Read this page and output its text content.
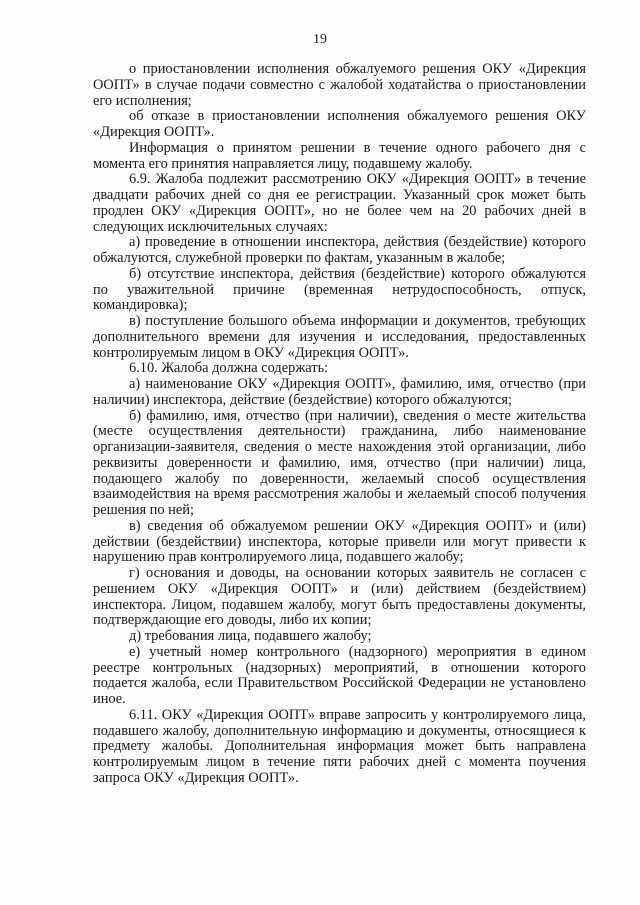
19

о приостановлении исполнения обжалуемого решения ОКУ «Дирекция ООПТ» в случае подачи совместно с жалобой ходатайства о приостановлении его исполнения;

об отказе в приостановлении исполнения обжалуемого решения ОКУ «Дирекция ООПТ».

Информация о принятом решении в течение одного рабочего дня с момента его принятия направляется лицу, подавшему жалобу.

6.9. Жалоба подлежит рассмотрению ОКУ «Дирекция ООПТ» в течение двадцати рабочих дней со дня ее регистрации. Указанный срок может быть продлен ОКУ «Дирекция ООПТ», но не более чем на 20 рабочих дней в следующих исключительных случаях:

а) проведение в отношении инспектора, действия (бездействие) которого обжалуются, служебной проверки по фактам, указанным в жалобе;

б) отсутствие инспектора, действия (бездействие) которого обжалуются по уважительной причине (временная нетрудоспособность, отпуск, командировка);

в) поступление большого объема информации и документов, требующих дополнительного времени для изучения и исследования, предоставленных контролируемым лицом в ОКУ «Дирекция ООПТ».

6.10. Жалоба должна содержать:

а) наименование ОКУ «Дирекция ООПТ», фамилию, имя, отчество (при наличии) инспектора, действие (бездействие) которого обжалуются;

б) фамилию, имя, отчество (при наличии), сведения о месте жительства (месте осуществления деятельности) гражданина, либо наименование организации-заявителя, сведения о месте нахождения этой организации, либо реквизиты доверенности и фамилию, имя, отчество (при наличии) лица, подающего жалобу по доверенности, желаемый способ осуществления взаимодействия на время рассмотрения жалобы и желаемый способ получения решения по ней;

в) сведения об обжалуемом решении ОКУ «Дирекция ООПТ» и (или) действии (бездействии) инспектора, которые привели или могут привести к нарушению прав контролируемого лица, подавшего жалобу;

г) основания и доводы, на основании которых заявитель не согласен с решением ОКУ «Дирекция ООПТ» и (или) действием (бездействием) инспектора. Лицом, подавшем жалобу, могут быть предоставлены документы, подтверждающие его доводы, либо их копии;

д) требования лица, подавшего жалобу;

е) учетный номер контрольного (надзорного) мероприятия в едином реестре контрольных (надзорных) мероприятий, в отношении которого подается жалоба, если Правительством Российской Федерации не установлено иное.

6.11. ОКУ «Дирекция ООПТ» вправе запросить у контролируемого лица, подавшего жалобу, дополнительную информацию и документы, относящиеся к предмету жалобы. Дополнительная информация может быть направлена контролируемым лицом в течение пяти рабочих дней с момента поучения запроса ОКУ «Дирекция ООПТ».
